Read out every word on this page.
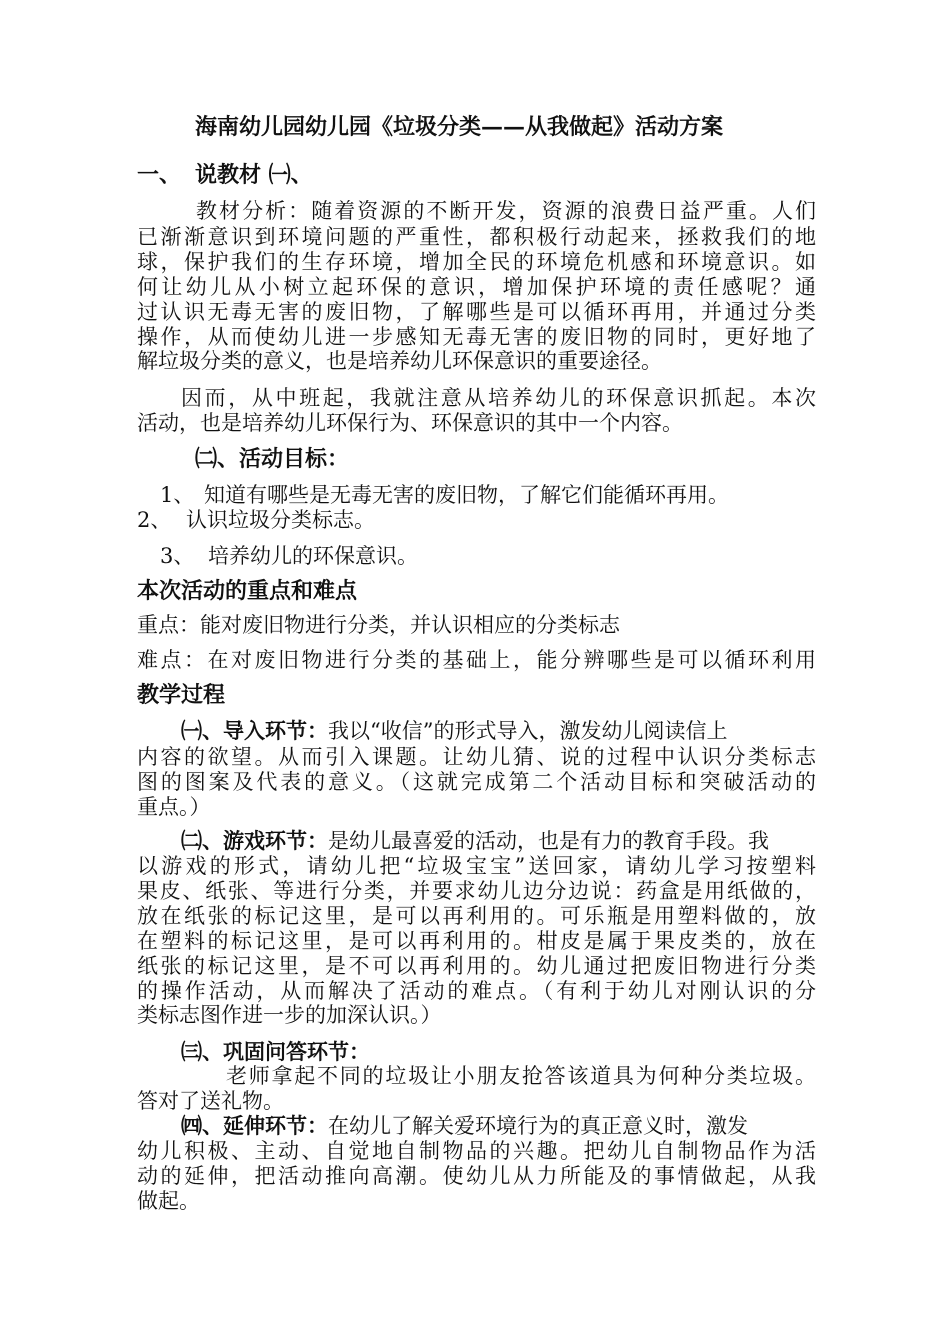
海南幼儿园幼儿园《垃圾分类——从我做起》活动方案
一、 说教材 ㈠、
教材分析：随着资源的不断开发，资源的浪费日益严重。人们
已渐渐意识到环境问题的严重性，都积极行动起来，拯救我们的地
球，保护我们的生存环境，增加全民的环境危机感和环境意识。如
何让幼儿从小树立起环保的意识，增加保护环境的责任感呢？通
过认识无毒无害的废旧物，了解哪些是可以循环再用，并通过分类
操作，从而使幼儿进一步感知无毒无害的废旧物的同时，更好地了
解垃圾分类的意义，也是培养幼儿环保意识的重要途径。
因而，从中班起，我就注意从培养幼儿的环保意识抓起。本次
活动，也是培养幼儿环保行为、环保意识的其中一个内容。
㈡、活动目标：
1、 知道有哪些是无毒无害的废旧物，了解它们能循环再用。
2、 认识垃圾分类标志。
3、 培养幼儿的环保意识。
本次活动的重点和难点
重点：能对废旧物进行分类，并认识相应的分类标志
难点：在对废旧物进行分类的基础上，能分辨哪些是可以循环利用
教学过程
㈠、导入环节：我以“收信”的形式导入，激发幼儿阅读信上
内容的欲望。从而引入课题。让幼儿猜、说的过程中认识分类标志
图的图案及代表的意义。（这就完成第二个活动目标和突破活动的
重点。）
㈡、游戏环节：是幼儿最喜爱的活动，也是有力的教育手段。我
以游戏的形式，请幼儿把“垃圾宝宝”送回家，请幼儿学习按塑料
果皮、纸张、等进行分类，并要求幼儿边分边说：药盒是用纸做的，
放在纸张的标记这里，是可以再利用的。可乐瓶是用塑料做的，放
在塑料的标记这里，是可以再利用的。柑皮是属于果皮类的，放在
纸张的标记这里，是不可以再利用的。幼儿通过把废旧物进行分类
的操作活动，从而解决了活动的难点。（有利于幼儿对刚认识的分
类标志图作进一步的加深认识。）
㈢、巩固问答环节：
老师拿起不同的垃圾让小朋友抢答该道具为何种分类垃圾。
答对了送礼物。
㈣、延伸环节：在幼儿了解关爱环境行为的真正意义时，激发
幼儿积极、主动、自觉地自制物品的兴趣。把幼儿自制物品作为活
动的延伸，把活动推向高潮。使幼儿从力所能及的事情做起，从我
做起。
